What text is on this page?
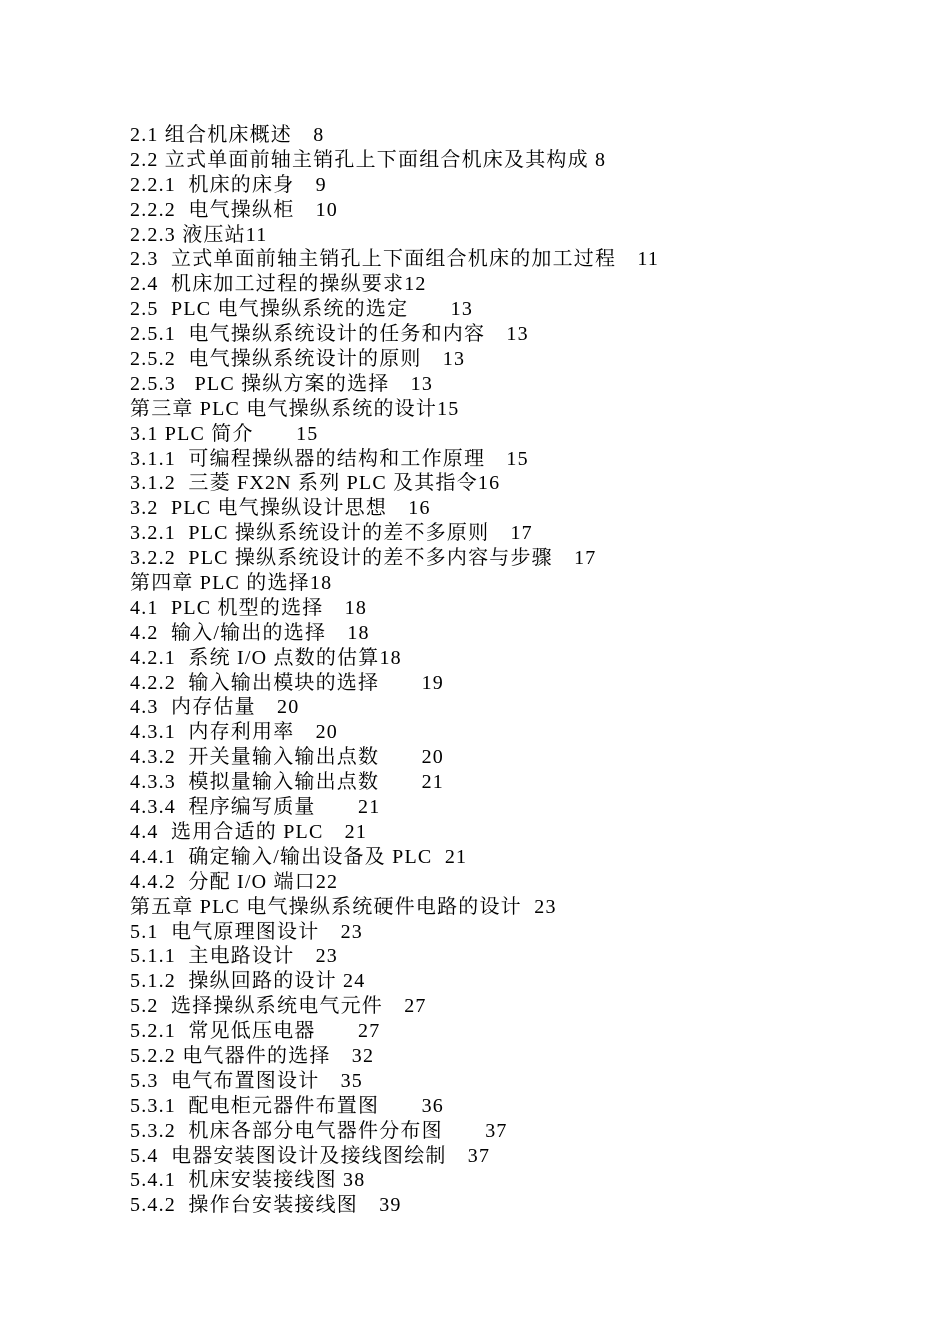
2.1 组合机床概述　8
2.2 立式单面前轴主销孔上下面组合机床及其构成 8
2.2.1  机床的床身　9
2.2.2  电气操纵柜　10
2.2.3 液压站11
2.3  立式单面前轴主销孔上下面组合机床的加工过程　11
2.4  机床加工过程的操纵要求12
2.5  PLC 电气操纵系统的选定　　13
2.5.1  电气操纵系统设计的任务和内容　13
2.5.2  电气操纵系统设计的原则　13
2.5.3   PLC 操纵方案的选择　13
第三章 PLC 电气操纵系统的设计15
3.1 PLC 简介　　15
3.1.1  可编程操纵器的结构和工作原理　15
3.1.2  三菱 FX2N 系列 PLC 及其指令16
3.2  PLC 电气操纵设计思想　16
3.2.1  PLC 操纵系统设计的差不多原则　17
3.2.2  PLC 操纵系统设计的差不多内容与步骤　17
第四章 PLC 的选择18
4.1  PLC 机型的选择　18
4.2  输入/输出的选择　18
4.2.1  系统 I/O 点数的估算18
4.2.2  输入输出模块的选择　　19
4.3  内存估量　20
4.3.1  内存利用率　20
4.3.2  开关量输入输出点数　　20
4.3.3  模拟量输入输出点数　　21
4.3.4  程序编写质量　　21
4.4  选用合适的 PLC　21
4.4.1  确定输入/输出设备及 PLC  21
4.4.2  分配 I/O 端口22
第五章 PLC 电气操纵系统硬件电路的设计  23
5.1  电气原理图设计　23
5.1.1  主电路设计　23
5.1.2  操纵回路的设计 24
5.2  选择操纵系统电气元件　27
5.2.1  常见低压电器　　27
5.2.2 电气器件的选择　32
5.3  电气布置图设计　35
5.3.1  配电柜元器件布置图　　36
5.3.2  机床各部分电气器件分布图　　37
5.4  电器安装图设计及接线图绘制　37
5.4.1  机床安装接线图 38
5.4.2  操作台安装接线图　39
